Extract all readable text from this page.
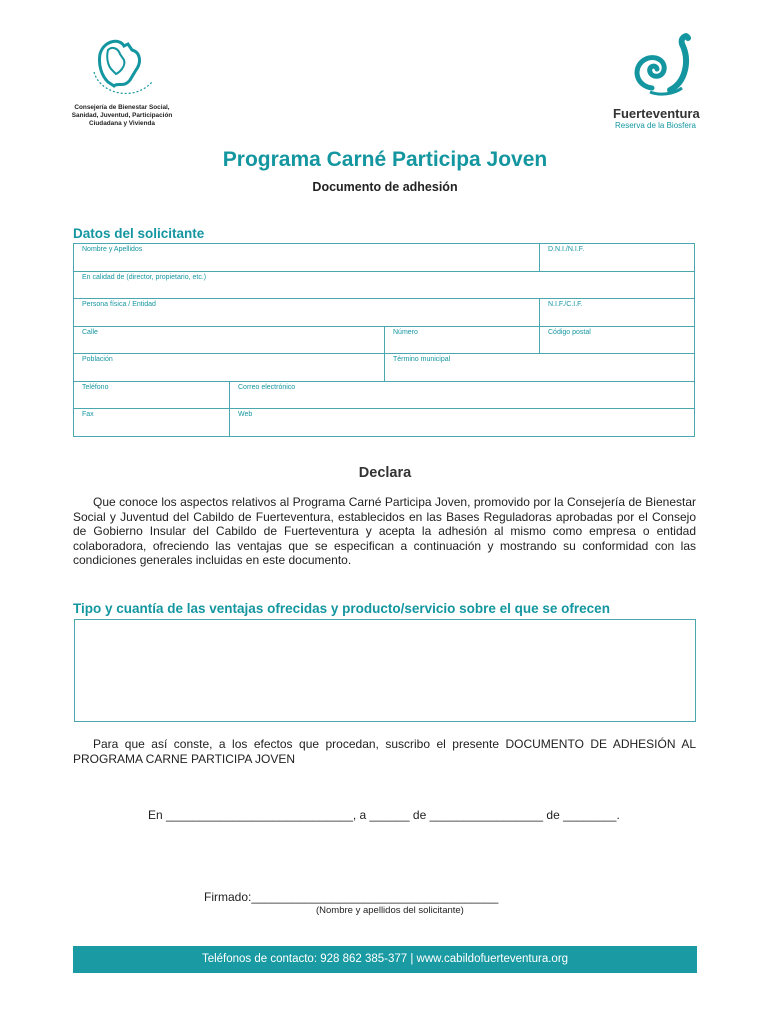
Consejería de Bienestar Social,
Sanidad, Juventud, Participación
Ciudadana y Vivienda
Fuerteventura
Reserva de la Biosfera
Programa Carné Participa Joven
Documento de adhesión
Datos del solicitante
Nombre y Apellidos	D.N.I./N.I.F.
En calidad de (director, propietario, etc.)
Persona física / Entidad	N.I.F./C.I.F.
Calle	Número	Código postal
Población	Término municipal
Teléfono	Correo electrónico
Fax	Web
Declara
Que conoce los aspectos relativos al Programa Carné Participa Joven, promovido por la Consejería de Bienestar Social y Juventud del Cabildo de Fuerteventura, establecidos en las Bases Reguladoras aprobadas por el Consejo de Gobierno Insular del Cabildo de Fuerteventura y acepta la adhesión al mismo como empresa o entidad colaboradora, ofreciendo las ventajas que se especifican a continuación y mostrando su conformidad con las condiciones generales incluidas en este documento.
Tipo y cuantía de las ventajas ofrecidas y producto/servicio sobre el que se ofrecen
Para que así conste, a los efectos que procedan, suscribo el presente DOCUMENTO DE ADHESIÓN AL PROGRAMA CARNE PARTICIPA JOVEN
En ____________________________, a ______ de _________________ de ________.
Firmado:_____________________________________
(Nombre y apellidos del solicitante)
Teléfonos de contacto: 928 862 385-377 | www.cabildofuerteventura.org
